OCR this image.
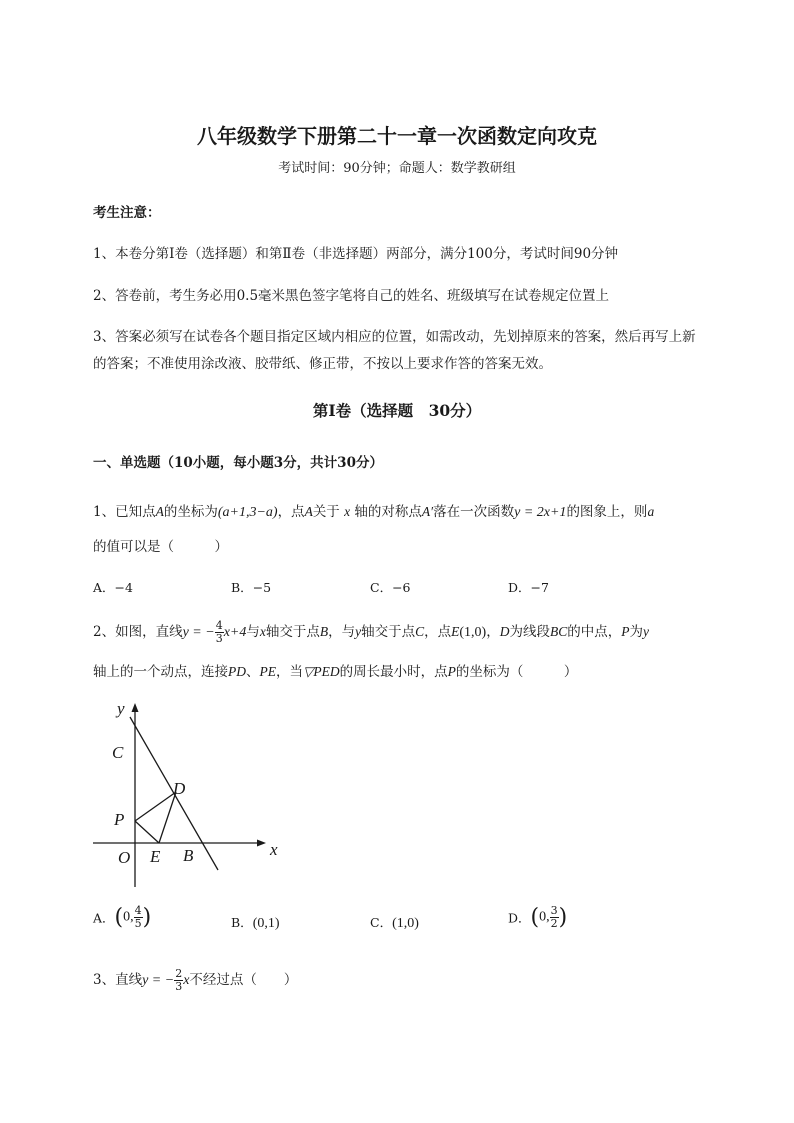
八年级数学下册第二十一章一次函数定向攻克
考试时间：90分钟；命题人：数学教研组
考生注意：
1、本卷分第I卷（选择题）和第Ⅱ卷（非选择题）两部分，满分100分，考试时间90分钟
2、答卷前，考生务必用0.5毫米黑色签字笔将自己的姓名、班级填写在试卷规定位置上
3、答案必须写在试卷各个题目指定区域内相应的位置，如需改动，先划掉原来的答案，然后再写上新
的答案；不准使用涂改液、胶带纸、修正带，不按以上要求作答的答案无效。
第I卷（选择题　30分）
一、单选题（10小题，每小题3分，共计30分）
1、已知点A的坐标为(a+1,3−a)，点A关于 x 轴的对称点A′落在一次函数y = 2x+1的图象上，则a
的值可以是（　　　）
A．−4	B．−5	C．−6	D．−7
2、如图，直线y = − $\frac{4}{3} x+4$与x轴交于点B，与y轴交于点C，点E(1,0)，D为线段BC的中点，P为y
轴上的一个动点，连接PD、PE，当▽PED的周长最小时，点P的坐标为（　　　）
y
C
D
P
O E B	x
A．(0, $\frac{4}{5}$ )	B．(0,1)	C．(1,0)	D．(0, $\frac{3}{2}$ )
3、直线y = − $\frac{2}{3}$ x不经过点（　　）
